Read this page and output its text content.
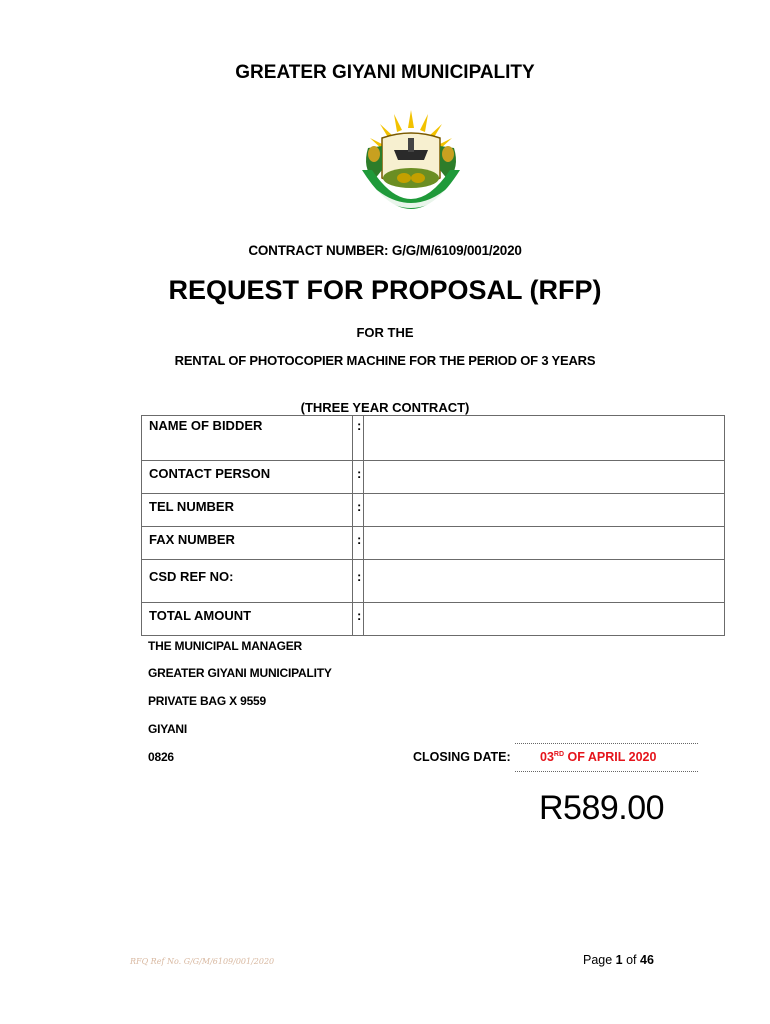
GREATER GIYANI MUNICIPALITY
CONTRACT NUMBER: G/G/M/6109/001/2020
REQUEST FOR PROPOSAL (RFP)
FOR THE
RENTAL OF PHOTOCOPIER MACHINE FOR THE PERIOD OF 3 YEARS
(THREE YEAR CONTRACT)
NAME OF BIDDER	:	
CONTACT PERSON	:	
TEL NUMBER	:	
FAX NUMBER	:	
CSD REF NO:	:	
TOTAL AMOUNT	:	
THE MUNICIPAL MANAGER
GREATER GIYANI MUNICIPALITY
PRIVATE BAG X 9559
GIYANI
0826	CLOSING DATE: 03RD OF APRIL 2020
R589.00
RFQ Ref No. G/G/M/6109/001/2020	Page 1 of 46
